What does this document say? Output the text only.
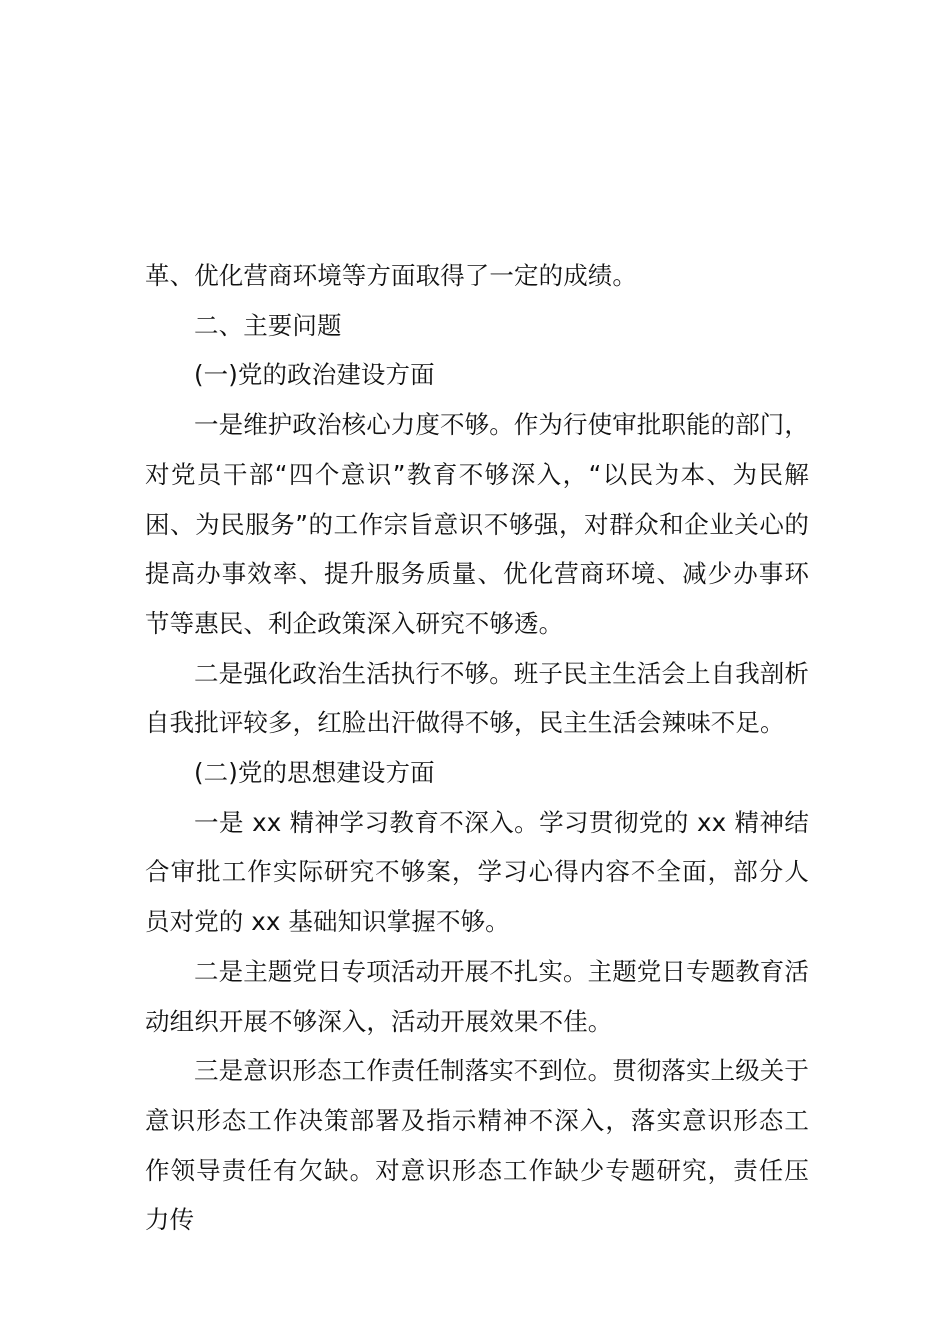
革、优化营商环境等方面取得了一定的成绩。

二、主要问题

(一)党的政治建设方面

一是维护政治核心力度不够。作为行使审批职能的部门，对党员干部“四个意识”教育不够深入，“以民为本、为民解困、为民服务”的工作宗旨意识不够强，对群众和企业关心的提高办事效率、提升服务质量、优化营商环境、减少办事环节等惠民、利企政策深入研究不够透。

二是强化政治生活执行不够。班子民主生活会上自我剖析自我批评较多，红脸出汗做得不够，民主生活会辣味不足。

(二)党的思想建设方面

一是 xx 精神学习教育不深入。学习贯彻党的 xx 精神结合审批工作实际研究不够案，学习心得内容不全面，部分人员对党的 xx 基础知识掌握不够。

二是主题党日专项活动开展不扎实。主题党日专题教育活动组织开展不够深入，活动开展效果不佳。

三是意识形态工作责任制落实不到位。贯彻落实上级关于意识形态工作决策部署及指示精神不深入，落实意识形态工作领导责任有欠缺。对意识形态工作缺少专题研究，责任压力传
